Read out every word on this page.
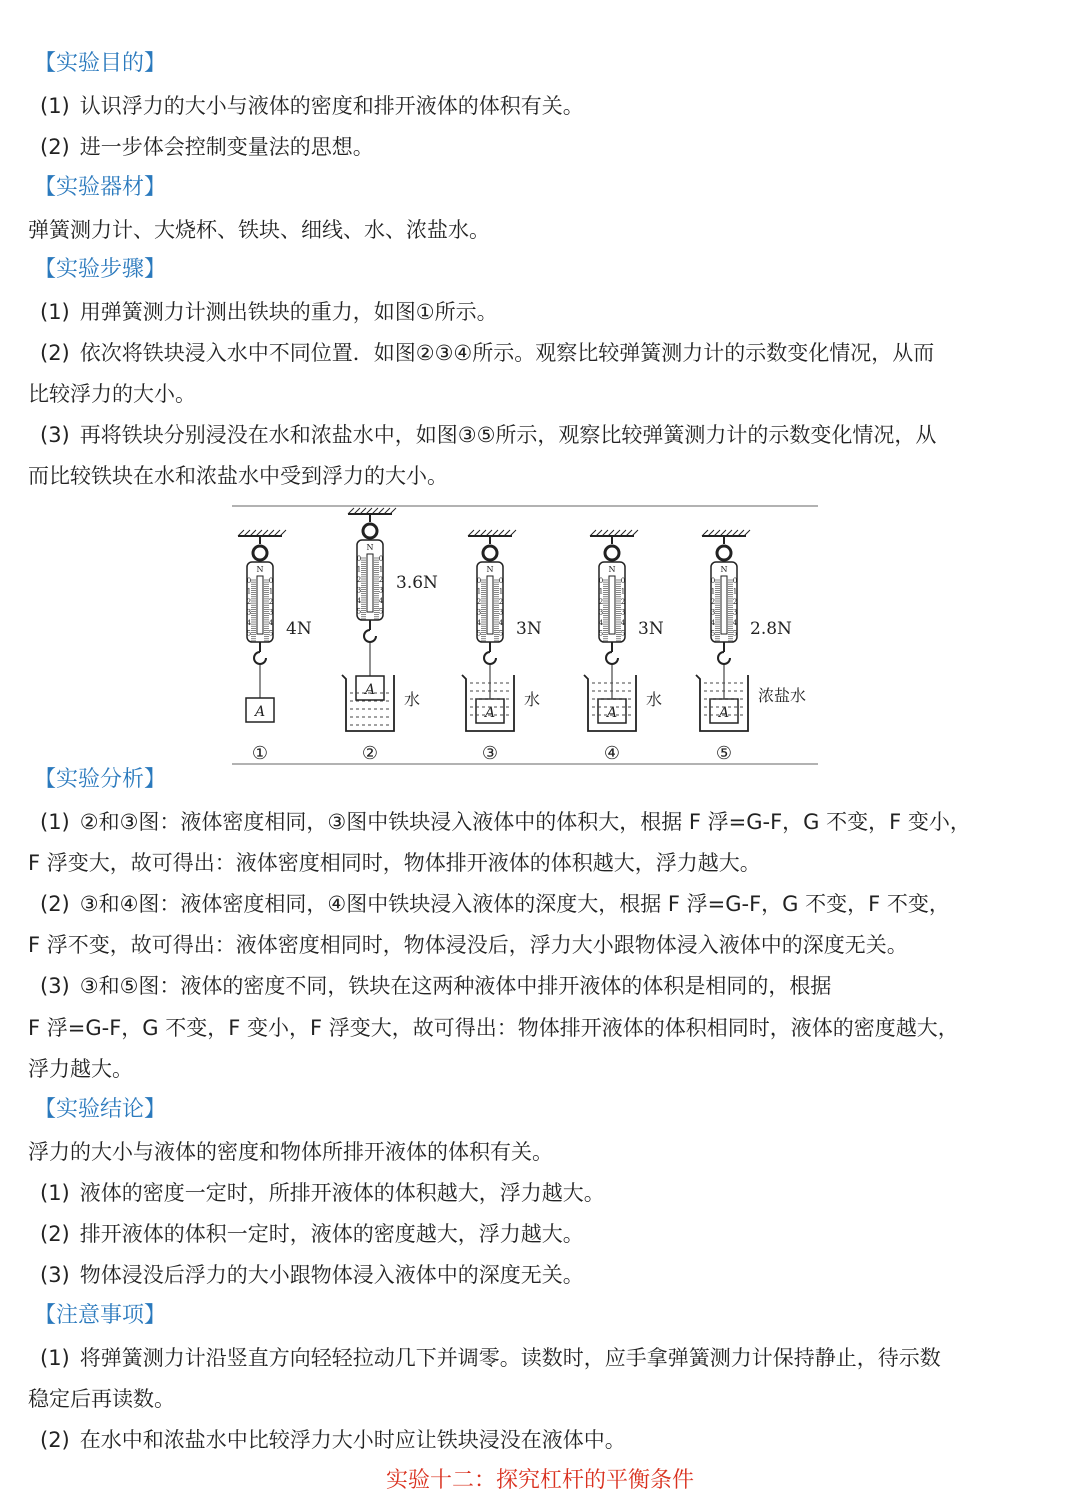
【实验目的】
(1) 认识浮力的大小与液体的密度和排开液体的体积有关。
(2) 进一步体会控制变量法的思想。
【实验器材】
弹簧测力计、大烧杯、铁块、细线、水、浓盐水。
【实验步骤】
(1) 用弹簧测力计测出铁块的重力，如图①所示。
(2) 依次将铁块浸入水中不同位置．如图②③④所示。观察比较弹簧测力计的示数变化情况，从而
比较浮力的大小。
(3) 再将铁块分别浸没在水和浓盐水中，如图③⑤所示，观察比较弹簧测力计的示数变化情况，从
而比较铁块在水和浓盐水中受到浮力的大小。
N
0	0
1	1
2	2
3	3
4	4
5	5 4N
A
①
N
0	0
1	1
2	2
3	3
4	4
5	5
3.6N
A 水
②
N
0	0
1	1
2	2
3	3
4	4
5	5 3N
A
水
③
N
0	0
1	1
2	2
3	3
4	4
5	5 3N
A
水
④
N
0	0
1	1
2	2
3	3
4	4
5	5 2.8N
A
浓盐水
⑤
【实验分析】
(1) ②和③图：液体密度相同，③图中铁块浸入液体中的体积大，根据 F 浮=G-F，G 不变，F 变小，
F 浮变大，故可得出：液体密度相同时，物体排开液体的体积越大，浮力越大。
(2) ③和④图：液体密度相同，④图中铁块浸入液体的深度大，根据 F 浮=G-F，G 不变，F 不变，
F 浮不变，故可得出：液体密度相同时，物体浸没后，浮力大小跟物体浸入液体中的深度无关。
(3) ③和⑤图：液体的密度不同，铁块在这两种液体中排开液体的体积是相同的，根据
F 浮=G-F，G 不变，F 变小，F 浮变大，故可得出：物体排开液体的体积相同时，液体的密度越大，
浮力越大。
【实验结论】
浮力的大小与液体的密度和物体所排开液体的体积有关。
(1) 液体的密度一定时，所排开液体的体积越大，浮力越大。
(2) 排开液体的体积一定时，液体的密度越大，浮力越大。
(3) 物体浸没后浮力的大小跟物体浸入液体中的深度无关。
【注意事项】
(1) 将弹簧测力计沿竖直方向轻轻拉动几下并调零。读数时，应手拿弹簧测力计保持静止，待示数
稳定后再读数。
(2) 在水中和浓盐水中比较浮力大小时应让铁块浸没在液体中。
实验十二：探究杠杆的平衡条件
